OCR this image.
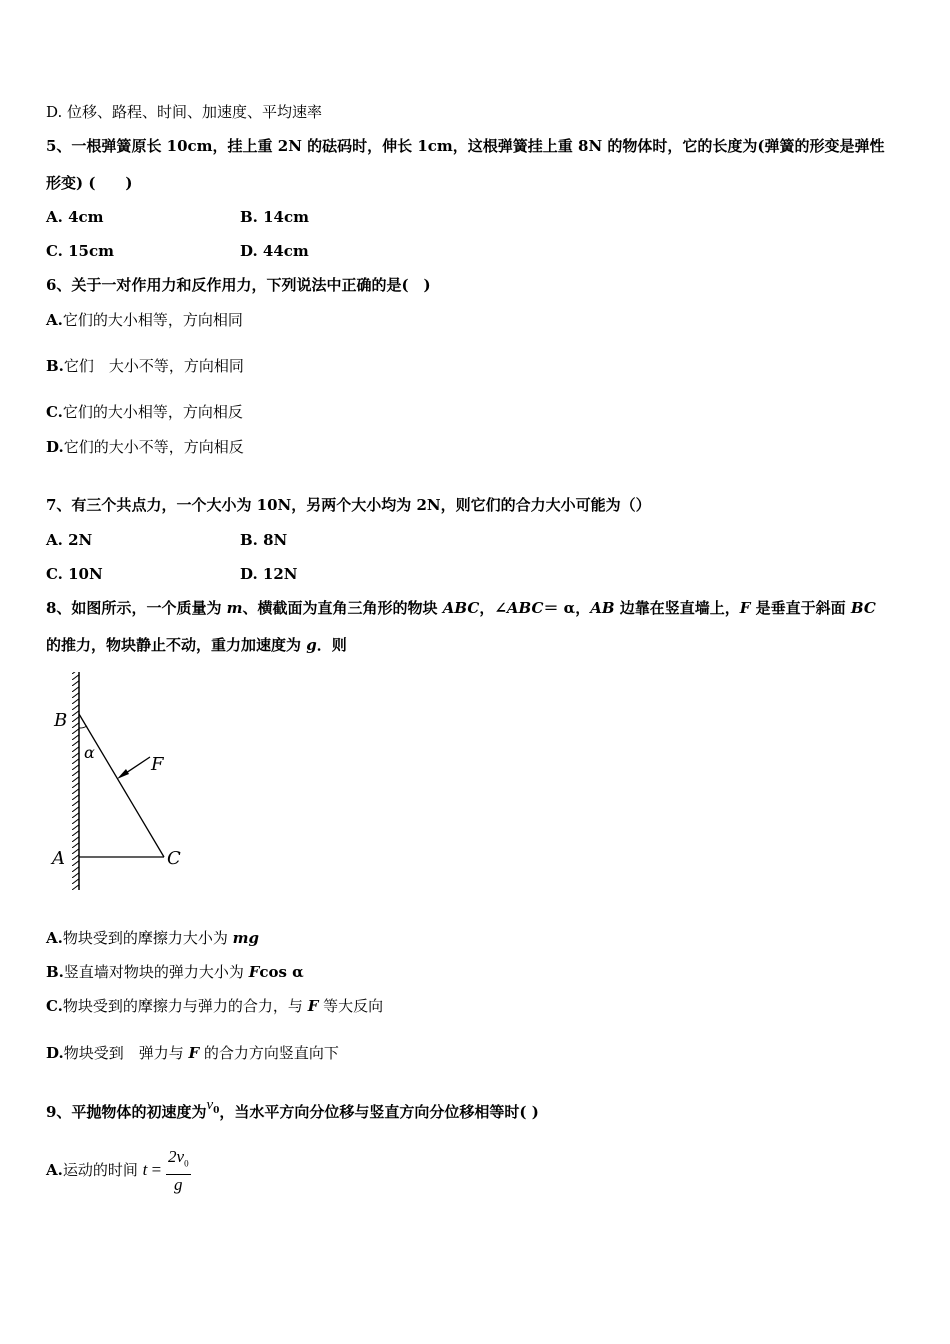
D. 位移、路程、时间、加速度、平均速率
5、一根弹簧原长 10cm，挂上重 2N 的砝码时，伸长 1cm，这根弹簧挂上重 8N 的物体时，它的长度为(弹簧的形变是弹性
形变) (　　)
A. 4cm	B. 14cm
C. 15cm	D. 44cm
6、关于一对作用力和反作用力，下列说法中正确的是(　)
A.它们的大小相等，方向相同
B.它们　大小不等，方向相同
C.它们的大小相等，方向相反
D.它们的大小不等，方向相反
7、有三个共点力，一个大小为 10N，另两个大小均为 2N，则它们的合力大小可能为（）
A. 2N	B. 8N
C. 10N	D. 12N
8、如图所示，一个质量为 m、横截面为直角三角形的物块 ABC，∠ABC＝ α，AB 边靠在竖直墙上，F 是垂直于斜面 BC
的推力，物块静止不动，重力加速度为 g．则
B
α
F
A	C
A.物块受到的摩擦力大小为 mg
B.竖直墙对物块的弹力大小为 Fcos α
C.物块受到的摩擦力与弹力的合力，与 F 等大反向
D.物块受到　弹力与 F 的合力方向竖直向下
9、平抛物体的初速度为$v_0$，当水平方向分位移与竖直方向分位移相等时( )
A.运动的时间 $t = \frac{2v_0}{g}$
